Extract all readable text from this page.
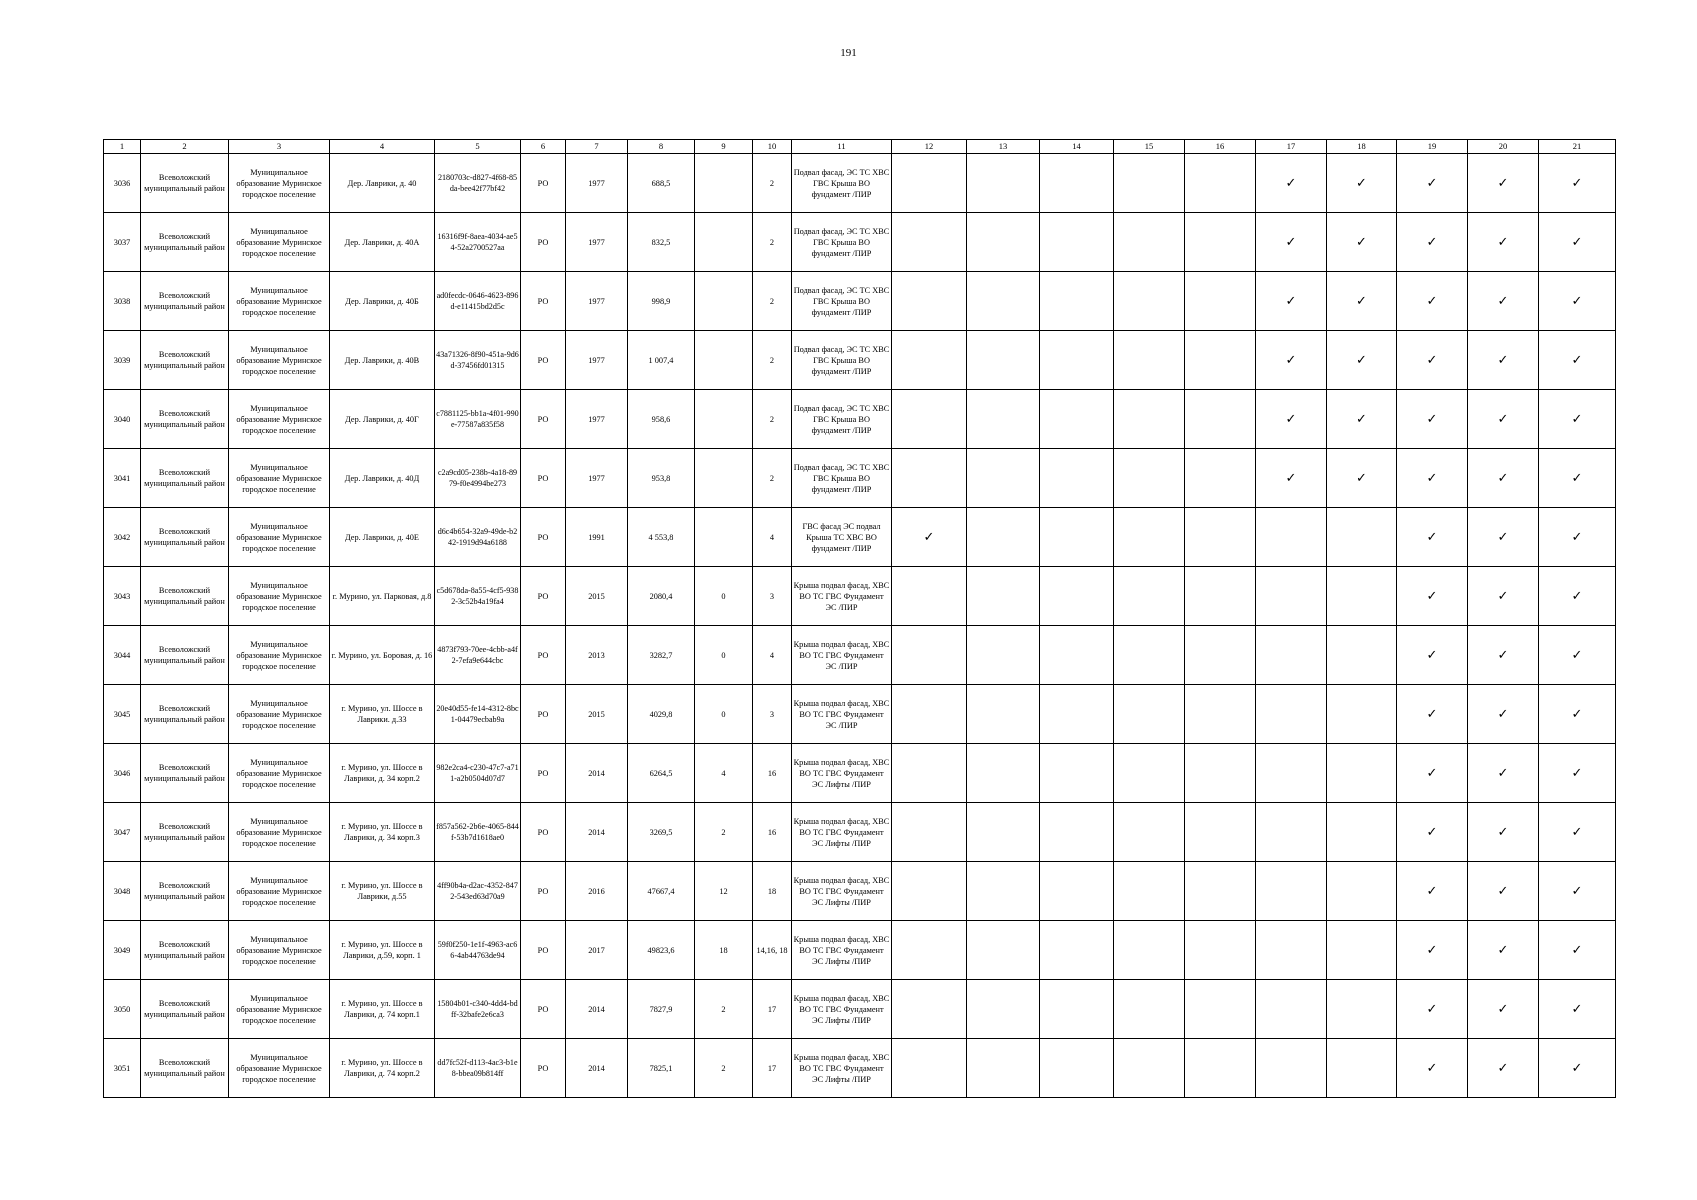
191
1	2	3	4	5	6	7	8	9	10	11	12	13	14	15	16	17	18	19	20	21
3036	Всеволожский муниципальный район	Муниципальное образование Муринское городское поселение	Дер. Лаврики, д. 40	2180703c-d827-4f68-85da-bee42f77bf42	РО	1977	688,5		2	Подвал фасад, ЭС ТС ХВС ГВС Крыша ВО фундамент /ПИР						✓	✓	✓	✓	✓
3037	Всеволожский муниципальный район	Муниципальное образование Муринское городское поселение	Дер. Лаврики, д. 40А	16316f9f-8aea-4034-ae54-52a2700527aa	РО	1977	832,5		2	Подвал фасад, ЭС ТС ХВС ГВС Крыша ВО фундамент /ПИР						✓	✓	✓	✓	✓
3038	Всеволожский муниципальный район	Муниципальное образование Муринское городское поселение	Дер. Лаврики, д. 40Б	ad0fecdc-0646-4623-896d-e11415bd2d5c	РО	1977	998,9		2	Подвал фасад, ЭС ТС ХВС ГВС Крыша ВО фундамент /ПИР						✓	✓	✓	✓	✓
3039	Всеволожский муниципальный район	Муниципальное образование Муринское городское поселение	Дер. Лаврики, д. 40В	43a71326-8f90-451a-9d6d-37456fd01315	РО	1977	1 007,4		2	Подвал фасад, ЭС ТС ХВС ГВС Крыша ВО фундамент /ПИР						✓	✓	✓	✓	✓
3040	Всеволожский муниципальный район	Муниципальное образование Муринское городское поселение	Дер. Лаврики, д. 40Г	c7881125-bb1a-4f01-990e-77587a835f58	РО	1977	958,6		2	Подвал фасад, ЭС ТС ХВС ГВС Крыша ВО фундамент /ПИР						✓	✓	✓	✓	✓
3041	Всеволожский муниципальный район	Муниципальное образование Муринское городское поселение	Дер. Лаврики, д. 40Д	c2a9cd05-238b-4a18-8979-f0e4994be273	РО	1977	953,8		2	Подвал фасад, ЭС ТС ХВС ГВС Крыша ВО фундамент /ПИР						✓	✓	✓	✓	✓
3042	Всеволожский муниципальный район	Муниципальное образование Муринское городское поселение	Дер. Лаврики, д. 40Е	d6c4b654-32a9-49de-b242-1919d94a6188	РО	1991	4 553,8		4	ГВС фасад ЭС подвал Крыша ТС ХВС ВО фундамент /ПИР	✓							✓	✓	✓
3043	Всеволожский муниципальный район	Муниципальное образование Муринское городское поселение	г. Мурино, ул. Парковая, д.8	c5d678da-8a55-4cf5-9382-3c52b4a19fa4	РО	2015	2080,4	0	3	Крыша подвал фасад, ХВС ВО ТС ГВС Фундамент ЭС /ПИР								✓	✓	✓
3044	Всеволожский муниципальный район	Муниципальное образование Муринское городское поселение	г. Мурино, ул. Боровая, д. 16	4873f793-70ee-4cbb-a4f2-7efa9e644cbc	РО	2013	3282,7	0	4	Крыша подвал фасад, ХВС ВО ТС ГВС Фундамент ЭС /ПИР								✓	✓	✓
3045	Всеволожский муниципальный район	Муниципальное образование Муринское городское поселение	г. Мурино, ул. Шоссе в Лаврики. д.33	20e40d55-fe14-4312-8bc1-04479ecbab9a	РО	2015	4029,8	0	3	Крыша подвал фасад, ХВС ВО ТС ГВС Фундамент ЭС /ПИР								✓	✓	✓
3046	Всеволожский муниципальный район	Муниципальное образование Муринское городское поселение	г. Мурино, ул. Шоссе в Лаврики, д. 34 корп.2	982e2ca4-c230-47c7-a711-a2b0504d07d7	РО	2014	6264,5	4	16	Крыша подвал фасад, ХВС ВО ТС ГВС Фундамент ЭС Лифты /ПИР								✓	✓	✓
3047	Всеволожский муниципальный район	Муниципальное образование Муринское городское поселение	г. Мурино, ул. Шоссе в Лаврики, д. 34 корп.3	f857a562-2b6e-4065-844f-53b7d1618ae0	РО	2014	3269,5	2	16	Крыша подвал фасад, ХВС ВО ТС ГВС Фундамент ЭС Лифты /ПИР								✓	✓	✓
3048	Всеволожский муниципальный район	Муниципальное образование Муринское городское поселение	г. Мурино, ул. Шоссе в Лаврики, д.55	4ff90b4a-d2ac-4352-8472-543ed63d70a9	РО	2016	47667,4	12	18	Крыша подвал фасад, ХВС ВО ТС ГВС Фундамент ЭС Лифты /ПИР								✓	✓	✓
3049	Всеволожский муниципальный район	Муниципальное образование Муринское городское поселение	г. Мурино, ул. Шоссе в Лаврики, д.59, корп. 1	59f0f250-1e1f-4963-ac66-4ab44763de94	РО	2017	49823,6	18	14,16, 18	Крыша подвал фасад, ХВС ВО ТС ГВС Фундамент ЭС Лифты /ПИР								✓	✓	✓
3050	Всеволожский муниципальный район	Муниципальное образование Муринское городское поселение	г. Мурино, ул. Шоссе в Лаврики, д. 74 корп.1	15804b01-c340-4dd4-bdff-32bafe2e6ca3	РО	2014	7827,9	2	17	Крыша подвал фасад, ХВС ВО ТС ГВС Фундамент ЭС Лифты /ПИР								✓	✓	✓
3051	Всеволожский муниципальный район	Муниципальное образование Муринское городское поселение	г. Мурино, ул. Шоссе в Лаврики, д. 74 корп.2	dd7fc52f-d113-4ac3-b1e8-bbea09b814ff	РО	2014	7825,1	2	17	Крыша подвал фасад, ХВС ВО ТС ГВС Фундамент ЭС Лифты /ПИР								✓	✓	✓
